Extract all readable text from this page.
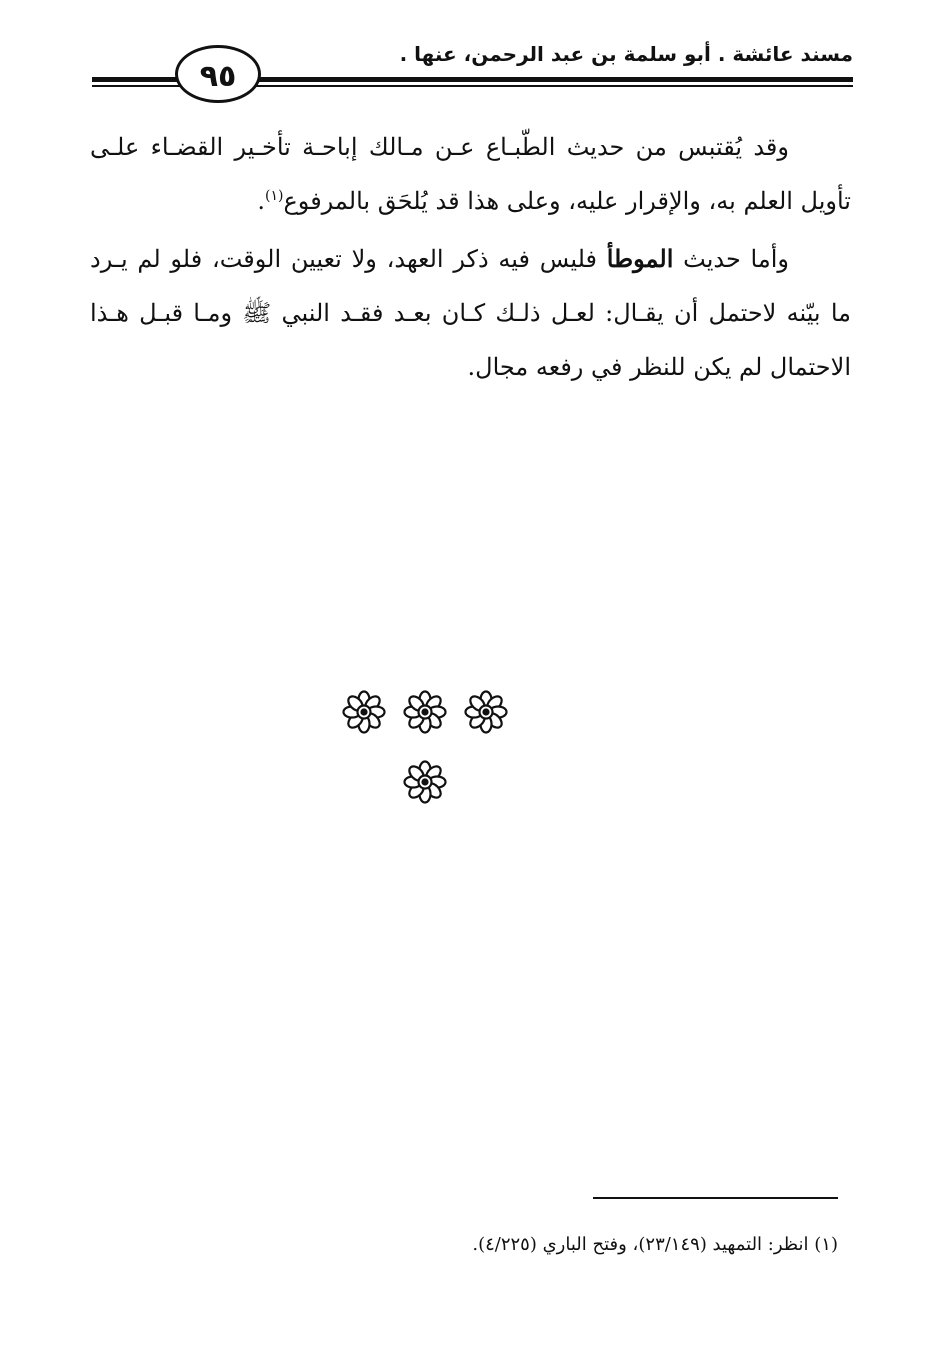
مسند عائشة . أبو سلمة بن عبد الرحمن، عنها .
٩٥

وقد يُقتبس من حديث الطّبـاع عـن مـالك إباحـة تأخـير القضـاء علـى تأويل العلم به، والإقرار عليه، وعلى هذا قد يُلحَق بالمرفوع$^{(١)}$.

وأما حديث الموطأ فليس فيه ذكر العهد، ولا تعيين الوقت، فلو لم يـرد ما بيّنه لاحتمل أن يقـال: لعـل ذلـك كـان بعـد فقـد النبي ﷺ ومـا قبـل هـذا الاحتمال لم يكن للنظر في رفعه مجال.

(١) انظر: التمهيد (٢٣/١٤٩)، وفتح الباري (٤/٢٢٥).
